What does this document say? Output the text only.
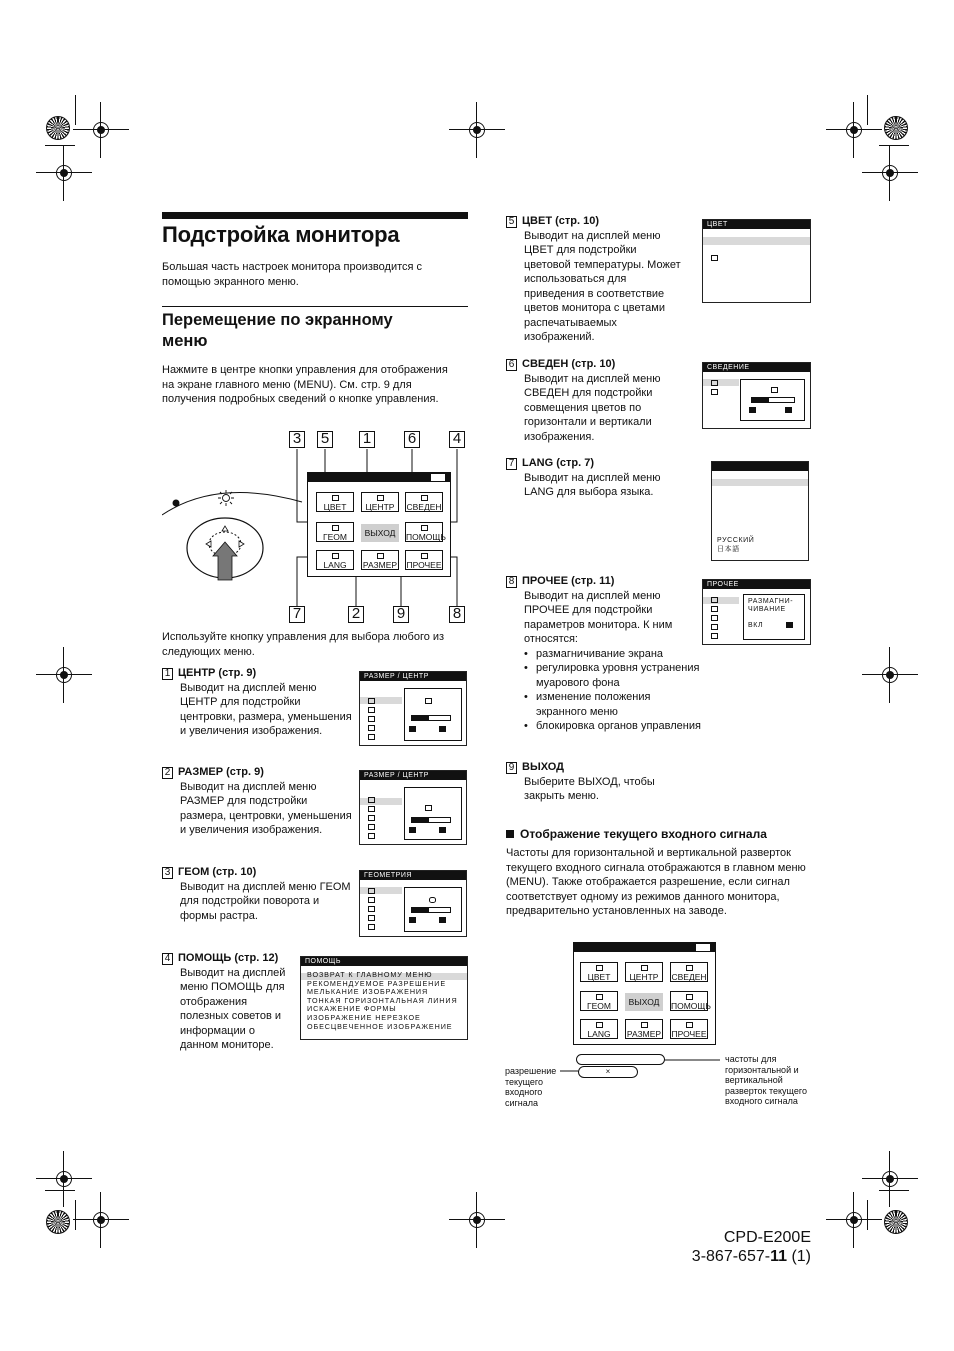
Подстройка монитора
Большая часть настроек монитора производится с помощью экранного меню.
Перемещение по экранному меню
Нажмите в центре кнопки управления для отображения на экране главного меню (MENU). См. стр. 9 для получения подробных сведений о кнопке управления.
3 5 1 6 4
7	2 9	8
ЦВЕТ	ЦЕНТР	СВЕДЕН
ГЕОМ	ВЫХОД	ПОМОЩЬ
LANG	РАЗМЕР ПРОЧЕЕ
Используйте кнопку управления для выбора любого из следующих меню.
1 ЦЕНТР (стр. 9)
Выводит на дисплей меню ЦЕНТР для подстройки центровки, размера, уменьшения и увеличения изображения.
РАЗМЕР / ЦЕНТР
2 РАЗМЕР (стр. 9)
Выводит на дисплей меню РАЗМЕР для подстройки размера, центровки, уменьшения и увеличения изображения.
РАЗМЕР / ЦЕНТР
3 ГЕОМ (стр. 10)
Выводит на дисплей меню ГЕОМ для подстройки поворота и формы растра.
ГЕОМЕТРИЯ
4 ПОМОЩЬ (стр. 12)
Выводит на дисплей меню ПОМОЩЬ для отображения полезных советов и информации о данном мониторе.
ПОМОЩЬ
ВОЗВРАТ К ГЛАВНОМУ МЕНЮ
РЕКОМЕНДУЕМОЕ РАЗРЕШЕНИЕ
МЕЛЬКАНИЕ ИЗОБРАЖЕНИЯ
ТОНКАЯ ГОРИЗОНТАЛЬНАЯ ЛИНИЯ
ИСКАЖЕНИЕ ФОРМЫ
ИЗОБРАЖЕНИЕ НЕРЕЗКОЕ
ОБЕСЦВЕЧЕННОЕ ИЗОБРАЖЕНИЕ
5 ЦВЕТ (стр. 10)
Выводит на дисплей меню ЦВЕТ для подстройки цветовой температуры. Может использоваться для приведения в соответствие цветов монитора с цветами распечатываемых изображений.
ЦВЕТ
6 СВЕДЕН (стр. 10)
Выводит на дисплей меню СВЕДЕН для подстройки совмещения цветов по горизонтали и вертикали изображения.
СВЕДЕНИЕ
7 LANG (стр. 7)
Выводит на дисплей меню LANG для выбора языка.
РУССКИЙ
日本語
8 ПРОЧЕЕ (стр. 11)
Выводит на дисплей меню ПРОЧЕЕ для подстройки параметров монитора. К ним относятся:
• размагничивание экрана
• регулировка уровня устранения муарового фона
• изменение положения экранного меню
• блокировка органов управления
ПРОЧЕЕ
РАЗМАГНИ-
ЧИВАНИЕ
ВКЛ
9 ВЫХОД
Выберите ВЫХОД, чтобы закрыть меню.
Отображение текущего входного сигнала
Частоты для горизонтальной и вертикальной разверток текущего входного сигнала отображаются в главном меню (MENU). Также отображается разрешение, если сигнал соответствует одному из режимов данного монитора, предварительно установленных на заводе.
ЦВЕТ	ЦЕНТР	СВЕДЕН
ГЕОМ	ВЫХОД	ПОМОЩЬ
LANG	РАЗМЕР ПРОЧЕЕ
×
разрешение текущего входного сигнала
частоты для горизонтальной и вертикальной разверток текущего входного сигнала
CPD-E200E
3-867-657-11 (1)
